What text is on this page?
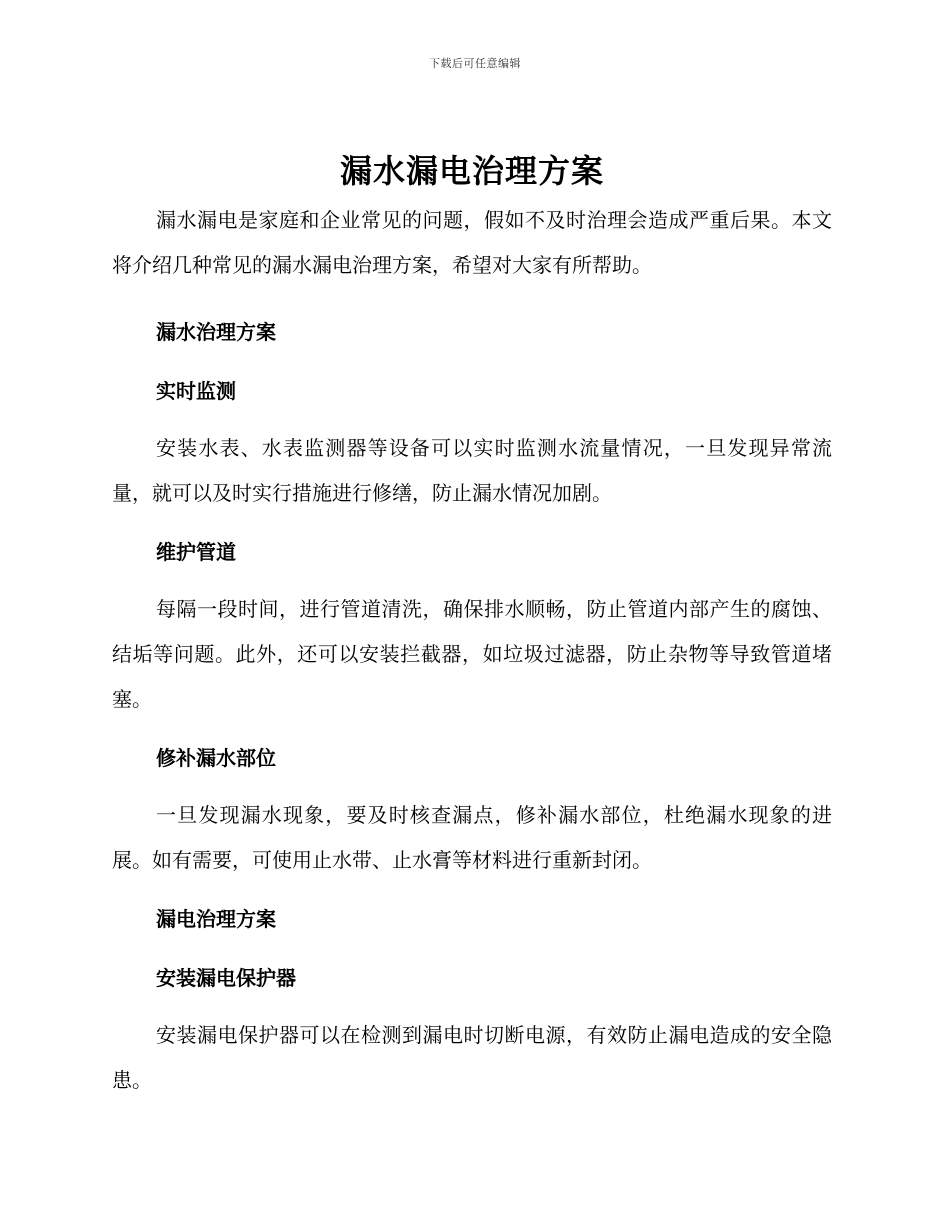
下载后可任意编辑
漏水漏电治理方案

漏水漏电是家庭和企业常见的问题，假如不及时治理会造成严重后果。本文将介绍几种常见的漏水漏电治理方案，希望对大家有所帮助。

漏水治理方案
实时监测

安装水表、水表监测器等设备可以实时监测水流量情况，一旦发现异常流量，就可以及时实行措施进行修缮，防止漏水情况加剧。

维护管道

每隔一段时间，进行管道清洗，确保排水顺畅，防止管道内部产生的腐蚀、结垢等问题。此外，还可以安装拦截器，如垃圾过滤器，防止杂物等导致管道堵塞。

修补漏水部位

一旦发现漏水现象，要及时核查漏点，修补漏水部位，杜绝漏水现象的进展。如有需要，可使用止水带、止水膏等材料进行重新封闭。

漏电治理方案
安装漏电保护器

安装漏电保护器可以在检测到漏电时切断电源，有效防止漏电造成的安全隐患。
